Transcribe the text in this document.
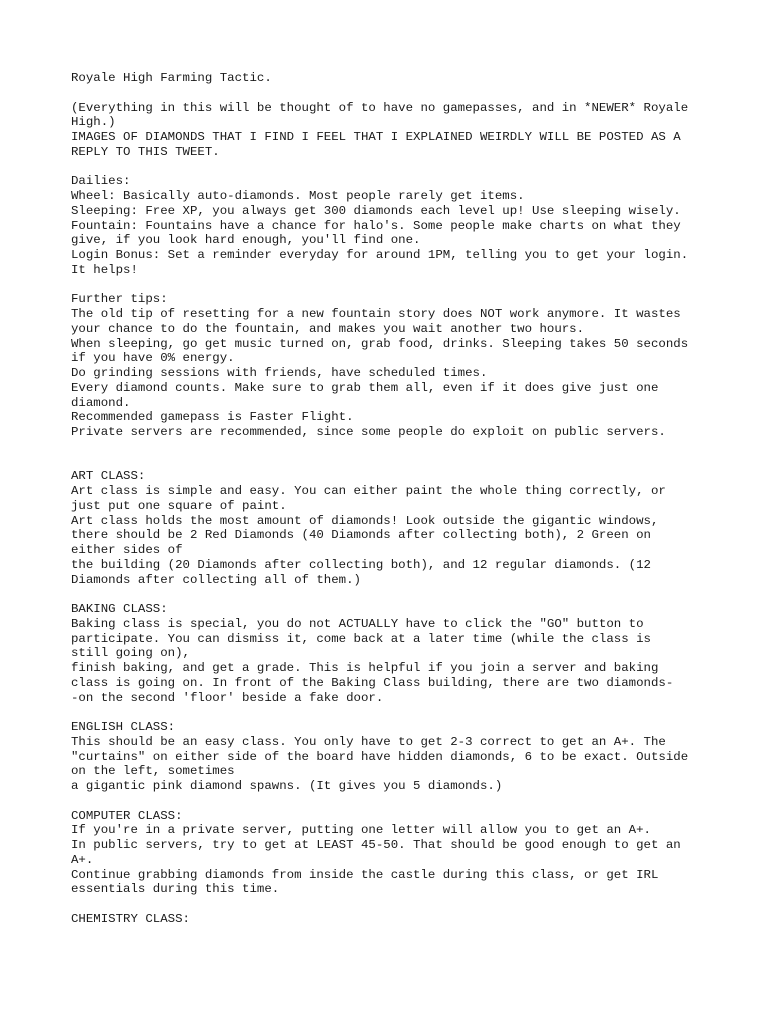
Royale High Farming Tactic.
(Everything in this will be thought of to have no gamepasses, and in *NEWER* Royale
High.)
IMAGES OF DIAMONDS THAT I FIND I FEEL THAT I EXPLAINED WEIRDLY WILL BE POSTED AS A
REPLY TO THIS TWEET.
Dailies:
Wheel: Basically auto-diamonds. Most people rarely get items.
Sleeping: Free XP, you always get 300 diamonds each level up! Use sleeping wisely.
Fountain: Fountains have a chance for halo's. Some people make charts on what they
give, if you look hard enough, you'll find one.
Login Bonus: Set a reminder everyday for around 1PM, telling you to get your login.
It helps!
Further tips:
The old tip of resetting for a new fountain story does NOT work anymore. It wastes
your chance to do the fountain, and makes you wait another two hours.
When sleeping, go get music turned on, grab food, drinks. Sleeping takes 50 seconds
if you have 0% energy.
Do grinding sessions with friends, have scheduled times.
Every diamond counts. Make sure to grab them all, even if it does give just one
diamond.
Recommended gamepass is Faster Flight.
Private servers are recommended, since some people do exploit on public servers.
ART CLASS:
Art class is simple and easy. You can either paint the whole thing correctly, or
just put one square of paint.
Art class holds the most amount of diamonds! Look outside the gigantic windows,
there should be 2 Red Diamonds (40 Diamonds after collecting both), 2 Green on
either sides of
the building (20 Diamonds after collecting both), and 12 regular diamonds. (12
Diamonds after collecting all of them.)
BAKING CLASS:
Baking class is special, you do not ACTUALLY have to click the "GO" button to
participate. You can dismiss it, come back at a later time (while the class is
still going on),
finish baking, and get a grade. This is helpful if you join a server and baking
class is going on. In front of the Baking Class building, there are two diamonds-
-on the second 'floor' beside a fake door.
ENGLISH CLASS:
This should be an easy class. You only have to get 2-3 correct to get an A+. The
"curtains" on either side of the board have hidden diamonds, 6 to be exact. Outside
on the left, sometimes
a gigantic pink diamond spawns. (It gives you 5 diamonds.)
COMPUTER CLASS:
If you're in a private server, putting one letter will allow you to get an A+.
In public servers, try to get at LEAST 45-50. That should be good enough to get an
A+.
Continue grabbing diamonds from inside the castle during this class, or get IRL
essentials during this time.
CHEMISTRY CLASS:
